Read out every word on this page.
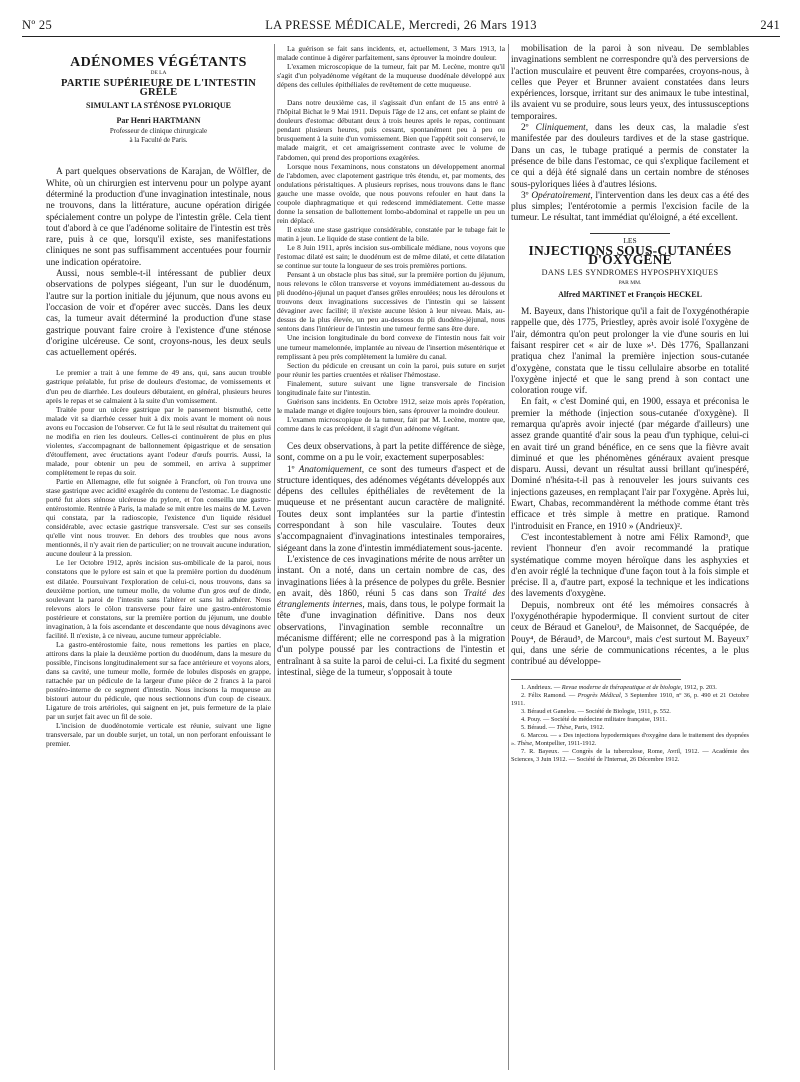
Nº 25	LA PRESSE MÉDICALE, Mercredi, 26 Mars 1913	241
ADÉNOMES VÉGÉTANTS
DE LA
PARTIE SUPÉRIEURE DE L'INTESTIN GRÊLE
SIMULANT LA STÉNOSE PYLORIQUE
Par Henri HARTMANN
Professeur de clinique chirurgicale
à la Faculté de Paris.

A part quelques observations de Karajan, de Wölfler, de White, où un chirurgien est intervenu pour un polype ayant déterminé la production d'une invagination intestinale, nous ne trouvons, dans la littérature, aucune opération dirigée spécialement contre un polype de l'intestin grêle. Cela tient tout d'abord à ce que l'adénome solitaire de l'intestin est très rare, puis à ce que, lorsqu'il existe, ses manifestations cliniques ne sont pas suffisamment accentuées pour fournir une indication opératoire.

Aussi, nous semble-t-il intéressant de publier deux observations de polypes siégeant, l'un sur le duodénum, l'autre sur la portion initiale du jéjunum, que nous avons eu l'occasion de voir et d'opérer avec succès. Dans les deux cas, la tumeur avait déterminé la production d'une stase gastrique pouvant faire croire à l'existence d'une sténose d'origine ulcéreuse. Ce sont, croyons-nous, les deux seuls cas actuellement opérés.

Le premier a trait à une femme de 49 ans, qui, sans aucun trouble gastrique préalable, fut prise de douleurs d'estomac, de vomissements et d'un peu de diarrhée. Les douleurs débutaient, en général, plusieurs heures après le repas et se calmaient à la suite d'un vomissement.

Traitée pour un ulcère gastrique par le pansement bismuthé, cette malade vit sa diarrhée cesser huit à dix mois avant le moment où nous avons eu l'occasion de l'observer. Ce fut là le seul résultat du traitement qui ne modifia en rien les douleurs. Celles-ci continuèrent de plus en plus violentes, s'accompagnant de ballonnement épigastrique et de sensation d'étouffement, avec éructations ayant l'odeur d'œufs pourris. Aussi, la malade, pour obtenir un peu de sommeil, en arriva à supprimer complètement le repas du soir.

Partie en Allemagne, elle fut soignée à Francfort, où l'on trouva une stase gastrique avec acidité exagérée du contenu de l'estomac. Le diagnostic porté fut alors sténose ulcéreuse du pylore, et l'on conseilla une gastro-entérostomie. Rentrée à Paris, la malade se mit entre les mains de M. Leven qui constata, par la radioscopie, l'existence d'un liquide résiduel considérable, avec ectasie gastrique transversale. C'est sur ses conseils qu'elle vint nous trouver. En dehors des troubles que nous avons mentionnés, il n'y avait rien de particulier; on ne trouvait aucune induration, aucune douleur à la pression.

Le 1er Octobre 1912, après incision sus-ombilicale de la paroi, nous constatons que le pylore est sain et que la première portion du duodénum est dilatée. Poursuivant l'exploration de celui-ci, nous trouvons, dans sa deuxième portion, une tumeur molle, du volume d'un gros œuf de dinde, soulevant la paroi de l'intestin sans l'altérer et sans lui adhérer. Nous relevons alors le côlon transverse pour faire une gastro-entérostomie postérieure et constatons, sur la première portion du jéjunum, une double invagination, à la fois ascendante et descendante que nous dévaginons avec facilité. Il n'existe, à ce niveau, aucune tumeur appréciable.

La gastro-entérostomie faite, nous remettons les parties en place, attirons dans la plaie la deuxième portion du duodénum, dans la mesure du possible, l'incisons longitudinalement sur sa face antérieure et voyons alors, dans sa cavité, une tumeur molle, formée de lobules disposés en grappe, rattachée par un pédicule de la largeur d'une pièce de 2 francs à la paroi postéro-interne de ce segment d'intestin. Nous incisons la muqueuse au bistouri autour du pédicule, que nous sectionnons d'un coup de ciseaux. Ligature de trois artérioles, qui saignent en jet, puis fermeture de la plaie par un surjet fait avec un fil de soie.

L'incision de duodénotomie verticale est réunie, suivant une ligne transversale, par un double surjet, un total, un non perforant enfouissant le premier.

La guérison se fait sans incidents, et, actuellement, 3 Mars 1913, la malade continue à digérer parfaitement, sans éprouver la moindre douleur.

L'examen microscopique de la tumeur, fait par M. Lecène, montre qu'il s'agit d'un polyadénome végétant de la muqueuse duodénale développé aux dépens des cellules épithéliales de revêtement de cette muqueuse.

Dans notre deuxième cas, il s'agissait d'un enfant de 15 ans entré à l'hôpital Bichat le 9 Mai 1911. Depuis l'âge de 12 ans, cet enfant se plaint de douleurs d'estomac débutant deux à trois heures après le repas, continuant pendant plusieurs heures, puis cessant, spontanément peu à peu ou brusquement à la suite d'un vomissement. Bien que l'appétit soit conservé, le malade maigrit, et cet amaigrissement contraste avec le volume de l'abdomen, qui prend des proportions exagérées.

Lorsque nous l'examinons, nous constatons un développement anormal de l'abdomen, avec clapotement gastrique très étendu, et, par moments, des ondulations péristaltiques. A plusieurs reprises, nous trouvons dans le flanc gauche une masse ovoïde, que nous pouvons refouler en haut dans la coupole diaphragmatique et qui redescend immédiatement. Cette masse donne la sensation de ballottement lombo-abdominal et rappelle un peu un rein déplacé.

Il existe une stase gastrique considérable, constatée par le tubage fait le matin à jeun. Le liquide de stase contient de la bile.

Le 8 Juin 1911, après incision sus-ombilicale médiane, nous voyons que l'estomac dilaté est sain; le duodénum est de même dilaté, et cette dilatation se continue sur toute la longueur de ses trois premières portions.

Pensant à un obstacle plus bas situé, sur la première portion du jéjunum, nous relevons le côlon transverse et voyons immédiatement au-dessous du pli duodéno-jéjunal un paquet d'anses grêles enroulées; nous les déroulons et trouvons deux invaginations successives de l'intestin qui se laissent dévaginer avec facilité; il n'existe aucune lésion à leur niveau. Mais, au-dessus de la plus élevée, un peu au-dessous du pli duodéno-jéjunal, nous sentons dans l'intérieur de l'intestin une tumeur ferme sans être dure.

Une incision longitudinale du bord convexe de l'intestin nous fait voir une tumeur mamelonnée, implantée au niveau de l'insertion mésentérique et remplissant à peu près complètement la lumière du canal.

Section du pédicule en creusant un coin la paroi, puis suture en surjet pour réunir les parties cruentées et réaliser l'hémostase.

Finalement, suture suivant une ligne transversale de l'incision longitudinale faite sur l'intestin.

Guérison sans incidents. En Octobre 1912, seize mois après l'opération, le malade mange et digère toujours bien, sans éprouver la moindre douleur.

L'examen microscopique de la tumeur, fait par M. Lecène, montre que, comme dans le cas précédent, il s'agit d'un adénome végétant.

Ces deux observations, à part la petite différence de siège, sont, comme on a pu le voir, exactement superposables:

1º Anatomiquement, ce sont des tumeurs d'aspect et de structure identiques, des adénomes végétants développés aux dépens des cellules épithéliales de revêtement de la muqueuse et ne présentant aucun caractère de malignité. Toutes deux sont implantées sur la partie d'intestin correspondant à son hile vasculaire. Toutes deux s'accompagnaient d'invaginations intestinales temporaires, siégeant dans la zone d'intestin immédiatement sous-jacente.

L'existence de ces invaginations mérite de nous arrêter un instant. On a noté, dans un certain nombre de cas, des invaginations liées à la présence de polypes du grêle. Besnier en avait, dès 1860, réuni 5 cas dans son Traité des étranglements internes, mais, dans tous, le polype formait la tête d'une invagination définitive. Dans nos deux observations, l'invagination semble reconnaître un mécanisme différent; elle ne correspond pas à la migration d'un polype poussé par les contractions de l'intestin et entraînant à sa suite la paroi de celui-ci. La fixité du segment intestinal, siège de la tumeur, s'opposait à toute

mobilisation de la paroi à son niveau. De semblables invaginations semblent ne correspondre qu'à des perversions de l'action musculaire et peuvent être comparées, croyons-nous, à celles que Peyer et Brunner avaient constatées dans leurs expériences, lorsque, irritant sur des animaux le tube intestinal, ils avaient vu se produire, sous leurs yeux, des intussusceptions temporaires.

2º Cliniquement, dans les deux cas, la maladie s'est manifestée par des douleurs tardives et de la stase gastrique. Dans un cas, le tubage pratiqué a permis de constater la présence de bile dans l'estomac, ce qui s'explique facilement et ce qui a déjà été signalé dans un certain nombre de sténoses sous-pyloriques liées à d'autres lésions.

3º Opératoirement, l'intervention dans les deux cas a été des plus simples; l'entérotomie a permis l'excision facile de la tumeur. Le résultat, tant immédiat qu'éloigné, a été excellent.

LES
INJECTIONS SOUS-CUTANÉES D'OXYGÈNE
DANS LES SYNDROMES HYPOSPHYXIQUES
PAR MM.
Alfred MARTINET et François HECKEL

M. Bayeux, dans l'historique qu'il a fait de l'oxygénothérapie rappelle que, dès 1775, Priestley, après avoir isolé l'oxygène de l'air, démontra qu'on peut prolonger la vie d'une souris en lui faisant respirer cet « air de luxe »¹. Dès 1776, Spallanzani pratiqua chez l'animal la première injection sous-cutanée d'oxygène, constata que le tissu cellulaire absorbe en totalité l'oxygène injecté et que le sang prend à son contact une coloration rouge vif.

En fait, « c'est Dominé qui, en 1900, essaya et préconisa le premier la méthode (injection sous-cutanée d'oxygène). Il remarqua qu'après avoir injecté (par mégarde d'ailleurs) une assez grande quantité d'air sous la peau d'un typhique, celui-ci en avait tiré un grand bénéfice, en ce sens que la fièvre avait diminué et que les phénomènes généraux avaient presque disparu. Aussi, devant un résultat aussi brillant qu'inespéré, Dominé n'hésita-t-il pas à renouveler les jours suivants ces injections gazeuses, en remplaçant l'air par l'oxygène. Après lui, Ewart, Chabas, recommandèrent la méthode comme étant très efficace et très simple à mettre en pratique. Ramond l'introduisit en France, en 1910 » (Andrieux)².

C'est incontestablement à notre ami Félix Ramond³, que revient l'honneur d'en avoir recommandé la pratique systématique comme moyen héroïque dans les asphyxies et d'en avoir réglé la technique d'une façon tout à la fois simple et précise. Il a, d'autre part, exposé la technique et les indications des lavements d'oxygène.

Depuis, nombreux ont été les mémoires consacrés à l'oxygénothérapie hypodermique. Il convient surtout de citer ceux de Béraud et Ganelou³, de Maisonnet, de Sacquépée, de Pouy⁴, de Béraud⁵, de Marcou⁶, mais c'est surtout M. Bayeux⁷ qui, dans une série de communications récentes, a le plus contribué au développe-

1. Andrieux. — Revue moderne de thérapeutique et de biologie, 1912, p. 203.

2. Félix Ramond. — Progrès Médical, 3 Septembre 1910, nº 36, p. 490 et 21 Octobre 1911.

3. Béraud et Ganelou. — Société de Biologie, 1911, p. 552.

4. Pouy. — Société de médecine militaire française, 1911.

5. Béraud. — Thèse, Paris, 1912.

6. Marcou. — « Des injections hypodermiques d'oxygène dans le traitement des dyspnées ». Thèse, Montpellier, 1911-1912.

7. R. Bayeux. — Congrès de la tuberculose, Rome, Avril, 1912. — Académie des Sciences, 3 Juin 1912. — Société de l'Internat, 26 Décembre 1912.
